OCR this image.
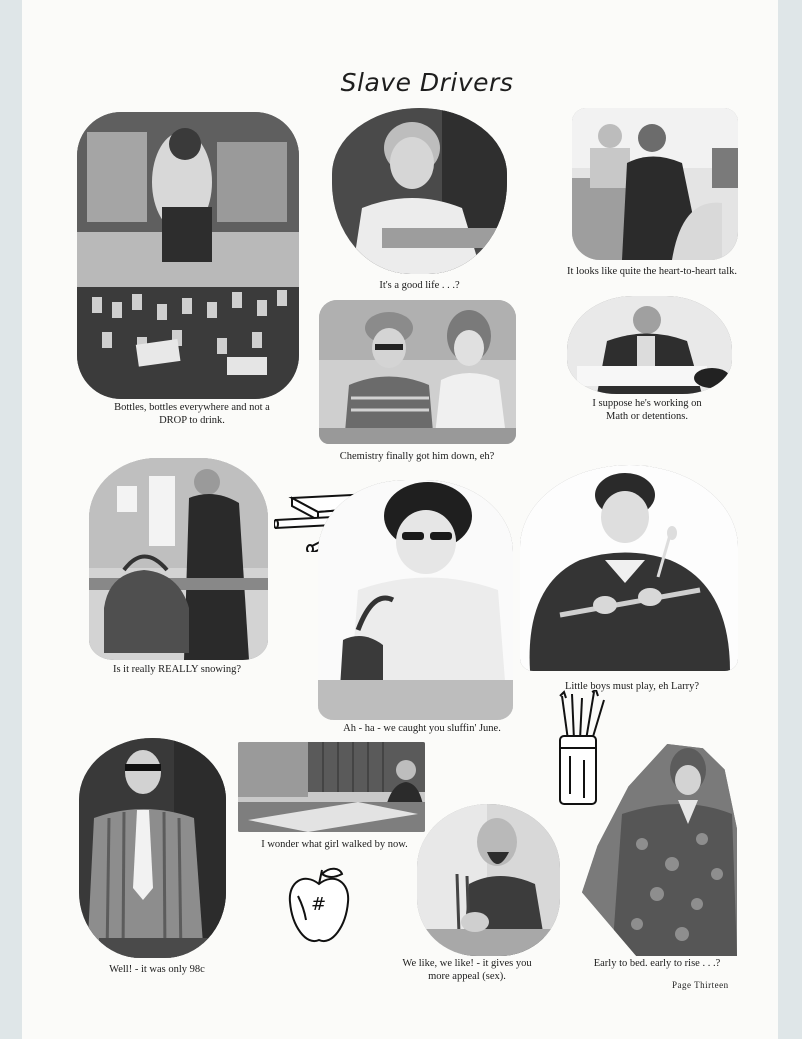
Slave Drivers
Bottles, bottles everywhere and not a
DROP to drink.
It's a good life . . .?
It looks like quite the heart-to-heart talk.
Chemistry finally got him down, eh?
I suppose he's working on
Math or detentions.
Is it really REALLY snowing?
Ah - ha - we caught you sluffin' June.
Little boys must play, eh Larry?
Well! - it was only 98c
I wonder what girl walked by now.
#
We like, we like! - it gives you
more appeal (sex).
Early to bed. early to rise . . .?
Page Thirteen
